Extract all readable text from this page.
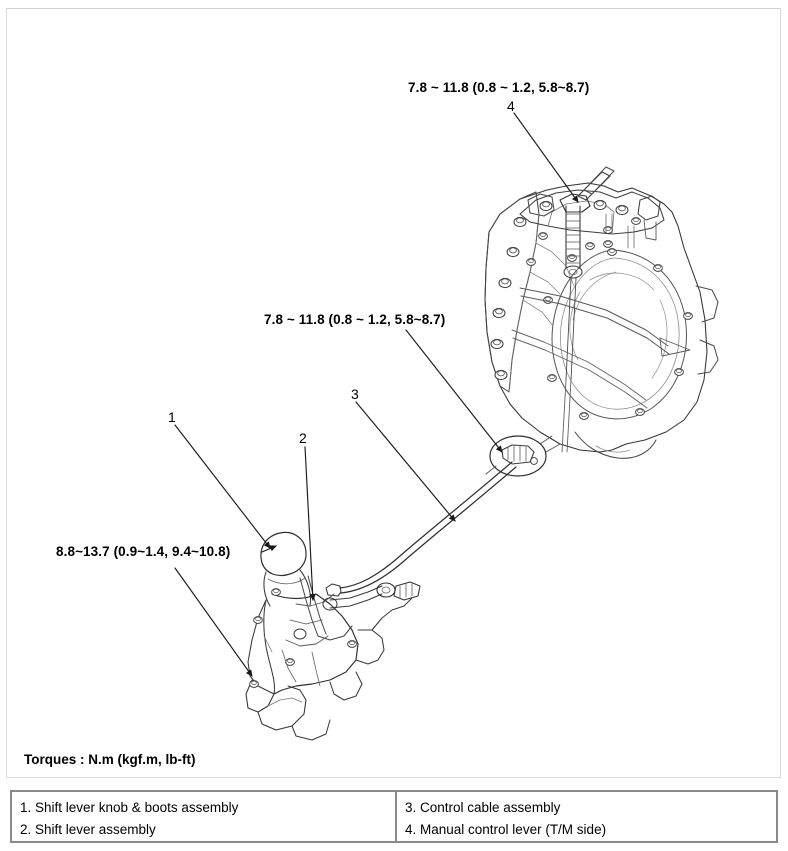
7.8 ~ 11.8 (0.8 ~ 1.2, 5.8~8.7)
7.8 ~ 11.8 (0.8 ~ 1.2, 5.8~8.7)
8.8~13.7 (0.9~1.4, 9.4~10.8)
4
3
2
1
Torques : N.m (kgf.m, lb-ft)
1. Shift lever knob & boots assembly
2. Shift lever assembly
3. Control cable assembly
4. Manual control lever (T/M side)
